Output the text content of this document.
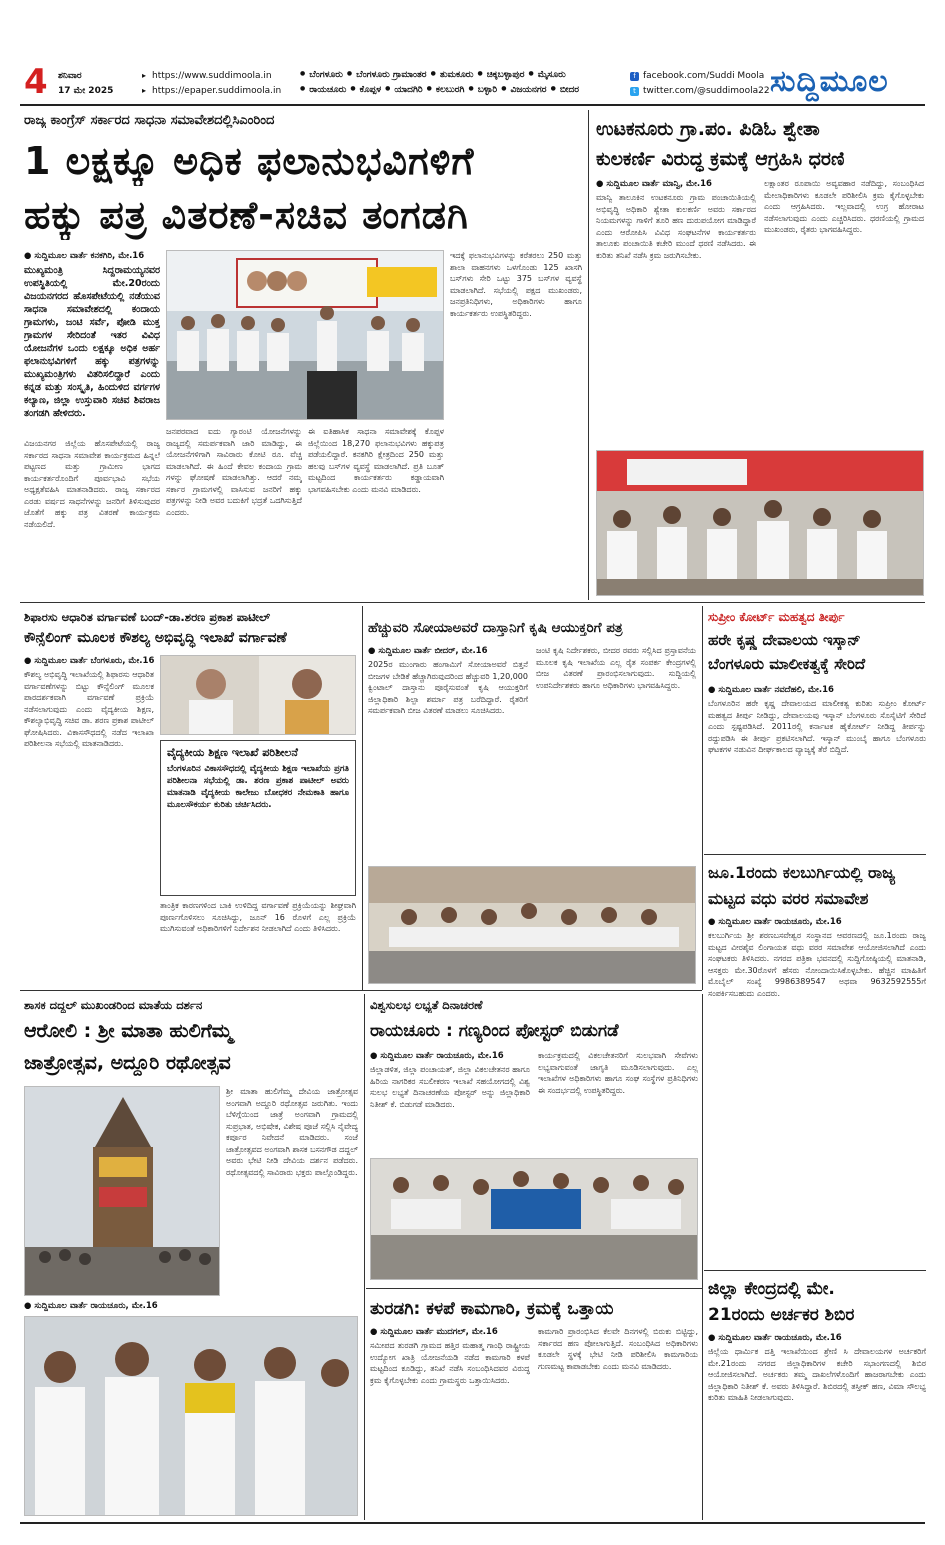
4 ಶನಿವಾರ
17 ಮೇ 2025
▸ https://www.suddimoola.in
▸ https://epaper.suddimoola.in
● ಬೆಂಗಳೂರು ● ಬೆಂಗಳೂರು ಗ್ರಾಮಾಂತರ ● ತುಮಕೂರು ● ಚಿಕ್ಕಬಳ್ಳಾಪುರ ● ಮೈಸೂರು
● ರಾಯಚೂರು ● ಕೊಪ್ಪಳ ● ಯಾದಗಿರಿ ● ಕಲಬುರಗಿ ● ಬಳ್ಳಾರಿ ● ವಿಜಯನಗರ ● ಬೀದರ
f facebook.com/Suddi Moola
t twitter.com/@suddimoola22 ಸುದ್ದಿಮೂಲ
ರಾಜ್ಯ ಕಾಂಗ್ರೆಸ್ ಸರ್ಕಾರದ ಸಾಧನಾ ಸಮಾವೇಶದಲ್ಲಿಸಿಎಂರಿಂದ
1 ಲಕ್ಷಕ್ಕೂ ಅಧಿಕ ಫಲಾನುಭವಿಗಳಿಗೆ
ಹಕ್ಕು ಪತ್ರ ವಿತರಣೆ-ಸಚಿವ ತಂಗಡಗಿ
● ಸುದ್ದಿಮೂಲ ವಾರ್ತೆ ಕನಕಗಿರಿ, ಮೇ.16
ಮುಖ್ಯಮಂತ್ರಿ ಸಿದ್ದರಾಮಯ್ಯನವರ ಉಪಸ್ಥಿತಿಯಲ್ಲಿ ಮೇ.20ರಂದು ವಿಜಯನಗರದ ಹೊಸಪೇಟೆಯಲ್ಲಿ ನಡೆಯುವ ಸಾಧನಾ ಸಮಾವೇಶದಲ್ಲಿ ಕಂದಾಯ ಗ್ರಾಮಗಳು, ಜಂಟಿ ಸರ್ವೆ, ಪೋಡಿ ಮುಕ್ತ ಗ್ರಾಮಗಳ ಸೇರಿದಂತೆ ಇತರ ವಿವಿಧ ಯೋಜನೆಗಳ ಒಂದು ಲಕ್ಷಕ್ಕೂ ಅಧಿಕ ಅರ್ಹ ಫಲಾನುಭವಿಗಳಿಗೆ ಹಕ್ಕು ಪತ್ರಗಳನ್ನು ಮುಖ್ಯಮಂತ್ರಿಗಳು ವಿತರಿಸಲಿದ್ದಾರೆ ಎಂದು ಕನ್ನಡ ಮತ್ತು ಸಂಸ್ಕೃತಿ, ಹಿಂದುಳಿದ ವರ್ಗಗಳ ಕಲ್ಯಾಣ, ಜಿಲ್ಲಾ ಉಸ್ತುವಾರಿ ಸಚಿವ ಶಿವರಾಜ ತಂಗಡಗಿ ಹೇಳಿದರು.
ವಿಜಯನಗರ ಜಿಲ್ಲೆಯ ಹೊಸಪೇಟೆಯಲ್ಲಿ ರಾಜ್ಯ ಸರ್ಕಾರದ ಸಾಧನಾ ಸಮಾವೇಶ ಕಾರ್ಯಕ್ರಮದ ಹಿನ್ನಲೆ ಪಟ್ಟಣದ ಮತ್ತು ಗ್ರಾಮೀಣ ಭಾಗದ ಕಾರ್ಯಕರ್ತರೊಂದಿಗೆ ಪೂರ್ವಭಾವಿ ಸಭೆಯ ಅಧ್ಯಕ್ಷತೆವಹಿಸಿ ಮಾತನಾಡಿದರು. ರಾಜ್ಯ ಸರ್ಕಾರದ ಎರಡು ವರ್ಷದ ಸಾಧನೆಗಳನ್ನು ಜನರಿಗೆ ತಿಳಿಸುವುದರ ಜೊತೆಗೆ ಹಕ್ಕು ಪತ್ರ ವಿತರಣೆ ಕಾರ್ಯಕ್ರಮ ನಡೆಯಲಿದೆ.
ಜನಪರವಾದ ಐದು ಗ್ಯಾರಂಟಿ ಯೋಜನೆಗಳನ್ನು ರಾಜ್ಯದಲ್ಲಿ ಸಮರ್ಪಕವಾಗಿ ಜಾರಿ ಮಾಡಿದ್ದು, ಈ ಯೋಜನೆಗಳಿಗಾಗಿ ಸಾವಿರಾರು ಕೋಟಿ ರೂ. ವೆಚ್ಚ ಮಾಡಲಾಗಿದೆ. ಈ ಹಿಂದೆ ಕೇವಲ ಕಂದಾಯ ಗ್ರಾಮ ಗಳನ್ನು ಘೋಷಣೆ ಮಾಡಲಾಗಿತ್ತು. ಆದರೆ ನಮ್ಮ ಸರ್ಕಾರ ಗ್ರಾಮಗಳಲ್ಲಿ ವಾಸಿಸುವ ಜನರಿಗೆ ಹಕ್ಕು ಪತ್ರಗಳನ್ನು ನೀಡಿ ಅವರ ಬದುಕಿಗೆ ಭದ್ರತೆ ಒದಗಿಸುತ್ತಿದೆ ಎಂದರು.
ಈ ಐತಿಹಾಸಿಕ ಸಾಧನಾ ಸಮಾವೇಶಕ್ಕೆ ಕೊಪ್ಪಳ ಜಿಲ್ಲೆಯಿಂದ 18,270 ಫಲಾನುಭವಿಗಳು ಹಕ್ಕುಪತ್ರ ಪಡೆಯಲಿದ್ದಾರೆ. ಕನಕಗಿರಿ ಕ್ಷೇತ್ರದಿಂದ 250 ಮತ್ತು ಹಲವು ಬಸ್‌ಗಳ ವ್ಯವಸ್ಥೆ ಮಾಡಲಾಗಿದೆ. ಪ್ರತಿ ಬೂತ್ ಮಟ್ಟದಿಂದ ಕಾರ್ಯಕರ್ತರು ಕಡ್ಡಾಯವಾಗಿ ಭಾಗವಹಿಸಬೇಕು ಎಂದು ಮನವಿ ಮಾಡಿದರು.
ಇದಕ್ಕೆ ಫಲಾನುಭವಿಗಳನ್ನು ಕರೆತರಲು 250 ಮತ್ತು ಶಾಲಾ ವಾಹನಗಳು ಒಳಗೊಂಡು 125 ಖಾಸಗಿ ಬಸ್‌ಗಳು ಸೇರಿ ಒಟ್ಟು 375 ಬಸ್‌ಗಳ ವ್ಯವಸ್ಥೆ ಮಾಡಲಾಗಿದೆ. ಸಭೆಯಲ್ಲಿ ಪಕ್ಷದ ಮುಖಂಡರು, ಜನಪ್ರತಿನಿಧಿಗಳು, ಅಧಿಕಾರಿಗಳು ಹಾಗೂ ಕಾರ್ಯಕರ್ತರು ಉಪಸ್ಥಿತರಿದ್ದರು.
ಉಟಕನೂರು ಗ್ರಾ.ಪಂ. ಪಿಡಿಓ ಶ್ವೇತಾ
ಕುಲಕರ್ಣಿ ವಿರುದ್ಧ ಕ್ರಮಕ್ಕೆ ಆಗ್ರಹಿಸಿ ಧರಣಿ
● ಸುದ್ದಿಮೂಲ ವಾರ್ತೆ ಮಾನ್ವಿ, ಮೇ.16
ಮಾನ್ವಿ ತಾಲೂಕಿನ ಉಟಕನೂರು ಗ್ರಾಮ ಪಂಚಾಯಿತಿಯಲ್ಲಿ ಅಭಿವೃದ್ಧಿ ಅಧಿಕಾರಿ ಶ್ವೇತಾ ಕುಲಕರ್ಣಿ ಅವರು ಸರ್ಕಾರದ ನಿಯಮಗಳನ್ನು ಗಾಳಿಗೆ ತೂರಿ ಹಣ ದುರುಪಯೋಗ ಮಾಡಿದ್ದಾರೆ ಎಂದು ಆರೋಪಿಸಿ ವಿವಿಧ ಸಂಘಟನೆಗಳ ಕಾರ್ಯಕರ್ತರು ತಾಲೂಕು ಪಂಚಾಯಿತಿ ಕಚೇರಿ ಮುಂದೆ ಧರಣಿ ನಡೆಸಿದರು. ಈ ಕುರಿತು ತನಿಖೆ ನಡೆಸಿ ಕ್ರಮ ಜರುಗಿಸಬೇಕು.
ಲಕ್ಷಾಂತರ ರೂಪಾಯಿ ಅವ್ಯವಹಾರ ನಡೆದಿದ್ದು, ಸಂಬಂಧಿಸಿದ ಮೇಲಾಧಿಕಾರಿಗಳು ಕೂಡಲೇ ಪರಿಶೀಲಿಸಿ ಕ್ರಮ ಕೈಗೊಳ್ಳಬೇಕು ಎಂದು ಆಗ್ರಹಿಸಿದರು. ಇಲ್ಲವಾದಲ್ಲಿ ಉಗ್ರ ಹೋರಾಟ ನಡೆಸಲಾಗುವುದು ಎಂದು ಎಚ್ಚರಿಸಿದರು. ಧರಣಿಯಲ್ಲಿ ಗ್ರಾಮದ ಮುಖಂಡರು, ರೈತರು ಭಾಗವಹಿಸಿದ್ದರು.
ಶಿಫಾರಸು ಆಧಾರಿತ ವರ್ಗಾವಣೆ ಬಂದ್-ಡಾ.ಶರಣ ಪ್ರಕಾಶ ಪಾಟೀಲ್
ಕೌನ್ಸೆಲಿಂಗ್ ಮೂಲಕ ಕೌಶಲ್ಯ ಅಭಿವೃದ್ಧಿ ಇಲಾಖೆ ವರ್ಗಾವಣೆ
● ಸುದ್ದಿಮೂಲ ವಾರ್ತೆ ಬೆಂಗಳೂರು, ಮೇ.16
ಕೌಶಲ್ಯ ಅಭಿವೃದ್ಧಿ ಇಲಾಖೆಯಲ್ಲಿ ಶಿಫಾರಸು ಆಧಾರಿತ ವರ್ಗಾವಣೆಗಳನ್ನು ಬಿಟ್ಟು ಕೌನ್ಸೆಲಿಂಗ್ ಮೂಲಕ ಪಾರದರ್ಶಕವಾಗಿ ವರ್ಗಾವಣೆ ಪ್ರಕ್ರಿಯೆ ನಡೆಸಲಾಗುವುದು ಎಂದು ವೈದ್ಯಕೀಯ ಶಿಕ್ಷಣ, ಕೌಶಲ್ಯಾಭಿವೃದ್ಧಿ ಸಚಿವ ಡಾ. ಶರಣ ಪ್ರಕಾಶ ಪಾಟೀಲ್ ಘೋಷಿಸಿದರು. ವಿಕಾಸಸೌಧದಲ್ಲಿ ನಡೆದ ಇಲಾಖಾ ಪರಿಶೀಲನಾ ಸಭೆಯಲ್ಲಿ ಮಾತನಾಡಿದರು.
ವೈದ್ಯಕೀಯ ಶಿಕ್ಷಣ ಇಲಾಖೆ ಪರಿಶೀಲನೆ
ಬೆಂಗಳೂರಿನ ವಿಕಾಸಸೌಧದಲ್ಲಿ ವೈದ್ಯಕೀಯ ಶಿಕ್ಷಣ ಇಲಾಖೆಯ ಪ್ರಗತಿ ಪರಿಶೀಲನಾ ಸಭೆಯಲ್ಲಿ ಡಾ. ಶರಣ ಪ್ರಕಾಶ ಪಾಟೀಲ್ ಅವರು ಮಾತನಾಡಿ ವೈದ್ಯಕೀಯ ಕಾಲೇಜು ಬೋಧಕರ ನೇಮಕಾತಿ ಹಾಗೂ ಮೂಲಸೌಕರ್ಯ ಕುರಿತು ಚರ್ಚಿಸಿದರು.
ತಾಂತ್ರಿಕ ಕಾರಣಗಳಿಂದ ಬಾಕಿ ಉಳಿದಿದ್ದ ವರ್ಗಾವಣೆ ಪ್ರಕ್ರಿಯೆಯನ್ನು ಶೀಘ್ರವಾಗಿ ಪೂರ್ಣಗೊಳಿಸಲು ಸೂಚಿಸಿದ್ದು, ಜೂನ್ 16 ರೊಳಗೆ ಎಲ್ಲ ಪ್ರಕ್ರಿಯೆ ಮುಗಿಸುವಂತೆ ಅಧಿಕಾರಿಗಳಿಗೆ ನಿರ್ದೇಶನ ನೀಡಲಾಗಿದೆ ಎಂದು ತಿಳಿಸಿದರು.
ಹೆಚ್ಚುವರಿ ಸೋಯಾಅವರೆ ದಾಸ್ತಾನಿಗೆ ಕೃಷಿ ಆಯುಕ್ತರಿಗೆ ಪತ್ರ
● ಸುದ್ದಿಮೂಲ ವಾರ್ತೆ ಬೀದರ್, ಮೇ.16
2025ರ ಮುಂಗಾರು ಹಂಗಾಮಿಗೆ ಸೋಯಾಅವರೆ ಬಿತ್ತನೆ ಬೀಜಗಳ ಬೇಡಿಕೆ ಹೆಚ್ಚಾಗಿರುವುದರಿಂದ ಹೆಚ್ಚುವರಿ 1,20,000 ಕ್ವಿಂಟಾಲ್ ದಾಸ್ತಾನು ಪೂರೈಸುವಂತೆ ಕೃಷಿ ಆಯುಕ್ತರಿಗೆ ಜಿಲ್ಲಾಧಿಕಾರಿ ಶಿಲ್ಪಾ ಶರ್ಮಾ ಪತ್ರ ಬರೆದಿದ್ದಾರೆ. ರೈತರಿಗೆ ಸಮರ್ಪಕವಾಗಿ ಬೀಜ ವಿತರಣೆ ಮಾಡಲು ಸೂಚಿಸಿದರು.
ಜಂಟಿ ಕೃಷಿ ನಿರ್ದೇಶಕರು, ಬೀದರ ರವರು ಸಲ್ಲಿಸಿದ ಪ್ರಸ್ತಾವನೆಯ ಮೂಲಕ ಕೃಷಿ ಇಲಾಖೆಯ ಎಲ್ಲ ರೈತ ಸಂಪರ್ಕ ಕೇಂದ್ರಗಳಲ್ಲಿ ಬೀಜ ವಿತರಣೆ ಪ್ರಾರಂಭಿಸಲಾಗುವುದು. ಸುದ್ದಿಯಲ್ಲಿ ಉಪನಿರ್ದೇಶಕರು ಹಾಗೂ ಅಧಿಕಾರಿಗಳು ಭಾಗವಹಿಸಿದ್ದರು.
ಸುಪ್ರೀಂ ಕೋರ್ಟ್ ಮಹತ್ವದ ತೀರ್ಪು
ಹರೇ ಕೃಷ್ಣ ದೇವಾಲಯ ಇಸ್ಕಾನ್
ಬೆಂಗಳೂರು ಮಾಲೀಕತ್ವಕ್ಕೆ ಸೇರಿದೆ
● ಸುದ್ದಿಮೂಲ ವಾರ್ತೆ ನವದೆಹಲಿ, ಮೇ.16
ಬೆಂಗಳೂರಿನ ಹರೇ ಕೃಷ್ಣ ದೇವಾಲಯದ ಮಾಲೀಕತ್ವ ಕುರಿತು ಸುಪ್ರೀಂ ಕೋರ್ಟ್ ಮಹತ್ವದ ತೀರ್ಪು ನೀಡಿದ್ದು, ದೇವಾಲಯವು ಇಸ್ಕಾನ್ ಬೆಂಗಳೂರು ಸೊಸೈಟಿಗೆ ಸೇರಿದೆ ಎಂದು ಸ್ಪಷ್ಟಪಡಿಸಿದೆ. 2011ರಲ್ಲಿ ಕರ್ನಾಟಕ ಹೈಕೋರ್ಟ್ ನೀಡಿದ್ದ ತೀರ್ಪನ್ನು ರದ್ದುಪಡಿಸಿ ಈ ತೀರ್ಪು ಪ್ರಕಟಿಸಲಾಗಿದೆ. ಇಸ್ಕಾನ್ ಮುಂಬೈ ಹಾಗೂ ಬೆಂಗಳೂರು ಘಟಕಗಳ ನಡುವಿನ ದೀರ್ಘಕಾಲದ ವ್ಯಾಜ್ಯಕ್ಕೆ ತೆರೆ ಬಿದ್ದಿದೆ.
ಜೂ.1ರಂದು ಕಲಬುರ್ಗಿಯಲ್ಲಿ ರಾಜ್ಯ
ಮಟ್ಟದ ವಧು ವರರ ಸಮಾವೇಶ
● ಸುದ್ದಿಮೂಲ ವಾರ್ತೆ ರಾಯಚೂರು, ಮೇ.16
ಕಲಬುರ್ಗಿಯ ಶ್ರೀ ಶರಣಬಸವೇಶ್ವರ ಸಂಸ್ಥಾನದ ಆವರಣದಲ್ಲಿ ಜೂ.1ರಂದು ರಾಜ್ಯ ಮಟ್ಟದ ವೀರಶೈವ ಲಿಂಗಾಯತ ವಧು ವರರ ಸಮಾವೇಶ ಆಯೋಜಿಸಲಾಗಿದೆ ಎಂದು ಸಂಘಟಕರು ತಿಳಿಸಿದರು. ನಗರದ ಪತ್ರಿಕಾ ಭವನದಲ್ಲಿ ಸುದ್ದಿಗೋಷ್ಠಿಯಲ್ಲಿ ಮಾತನಾಡಿ, ಆಸಕ್ತರು ಮೇ.30ರೊಳಗೆ ಹೆಸರು ನೋಂದಾಯಿಸಿಕೊಳ್ಳಬೇಕು. ಹೆಚ್ಚಿನ ಮಾಹಿತಿಗೆ ಮೊಬೈಲ್ ಸಂಖ್ಯೆ 9986389547 ಅಥವಾ 9632592555ಗೆ ಸಂಪರ್ಕಿಸಬಹುದು ಎಂದರು.
ಶಾಸಕ ದದ್ದಲ್ ಮುಖಂಡರಿಂದ ಮಾತೆಯ ದರ್ಶನ
ಆರೋಲಿ : ಶ್ರೀ ಮಾತಾ ಹುಲಿಗೆಮ್ಮ
ಜಾತ್ರೋತ್ಸವ, ಅದ್ದೂರಿ ರಥೋತ್ಸವ
ಶ್ರೀ ಮಾತಾ ಹುಲಿಗೆಮ್ಮ ದೇವಿಯ ಜಾತ್ರೋತ್ಸವ ಅಂಗವಾಗಿ ಅದ್ದೂರಿ ರಥೋತ್ಸವ ಜರುಗಿತು. ಇಂದು ಬೆಳಿಗ್ಗೆಯಿಂದ ಜಾತ್ರೆ ಅಂಗವಾಗಿ ಗ್ರಾಮದಲ್ಲಿ ಸುಪ್ರಭಾತ, ಅಭಿಷೇಕ, ವಿಶೇಷ ಪೂಜೆ ಸಲ್ಲಿಸಿ ನೈವೇದ್ಯ ಕರ್ಪೂರ ನಿವೇದನೆ ಮಾಡಿದರು. ಸಂಜೆ ಜಾತ್ರೋತ್ಸವದ ಅಂಗವಾಗಿ ಶಾಸಕ ಬಸನಗೌಡ ದದ್ದಲ್ ಅವರು ಭೇಟಿ ನೀಡಿ ದೇವಿಯ ದರ್ಶನ ಪಡೆದರು. ರಥೋತ್ಸವದಲ್ಲಿ ಸಾವಿರಾರು ಭಕ್ತರು ಪಾಲ್ಗೊಂಡಿದ್ದರು.
● ಸುದ್ದಿಮೂಲ ವಾರ್ತೆ ರಾಯಚೂರು, ಮೇ.16
ವಿಶ್ವಸುಲಭ ಲಭ್ಯತೆ ದಿನಾಚರಣೆ
ರಾಯಚೂರು : ಗಣ್ಯರಿಂದ ಪೋಸ್ಟರ್ ಬಿಡುಗಡೆ
● ಸುದ್ದಿಮೂಲ ವಾರ್ತೆ ರಾಯಚೂರು, ಮೇ.16
ಜಿಲ್ಲಾಡಳಿತ, ಜಿಲ್ಲಾ ಪಂಚಾಯತ್, ಜಿಲ್ಲಾ ವಿಕಲಚೇತನರ ಹಾಗೂ ಹಿರಿಯ ನಾಗರಿಕರ ಸಬಲೀಕರಣ ಇಲಾಖೆ ಸಹಯೋಗದಲ್ಲಿ ವಿಶ್ವ ಸುಲಭ ಲಭ್ಯತೆ ದಿನಾಚರಣೆಯ ಪೋಸ್ಟರ್ ಅನ್ನು ಜಿಲ್ಲಾಧಿಕಾರಿ ನಿತೀಶ್ ಕೆ. ಬಿಡುಗಡೆ ಮಾಡಿದರು.
ಕಾರ್ಯಕ್ರಮದಲ್ಲಿ ವಿಕಲಚೇತನರಿಗೆ ಸುಲಭವಾಗಿ ಸೇವೆಗಳು ಲಭ್ಯವಾಗುವಂತೆ ಜಾಗೃತಿ ಮೂಡಿಸಲಾಗುವುದು. ಎಲ್ಲ ಇಲಾಖೆಗಳ ಅಧಿಕಾರಿಗಳು ಹಾಗೂ ಸಂಘ ಸಂಸ್ಥೆಗಳ ಪ್ರತಿನಿಧಿಗಳು ಈ ಸಂದರ್ಭದಲ್ಲಿ ಉಪಸ್ಥಿತರಿದ್ದರು.
ತುರಡಗಿ: ಕಳಪೆ ಕಾಮಗಾರಿ, ಕ್ರಮಕ್ಕೆ ಒತ್ತಾಯ
● ಸುದ್ದಿಮೂಲ ವಾರ್ತೆ ಮುದಗಲ್, ಮೇ.16
ಸಮೀಪದ ತುರಡಗಿ ಗ್ರಾಮದ ಹತ್ತಿರ ಮಹಾತ್ಮ ಗಾಂಧಿ ರಾಷ್ಟ್ರೀಯ ಉದ್ಯೋಗ ಖಾತ್ರಿ ಯೋಜನೆಯಡಿ ನಡೆದ ಕಾಮಗಾರಿ ಕಳಪೆ ಮಟ್ಟದಿಂದ ಕೂಡಿದ್ದು, ತನಿಖೆ ನಡೆಸಿ ಸಂಬಂಧಿಸಿದವರ ವಿರುದ್ಧ ಕ್ರಮ ಕೈಗೊಳ್ಳಬೇಕು ಎಂದು ಗ್ರಾಮಸ್ಥರು ಒತ್ತಾಯಿಸಿದರು.
ಕಾಮಗಾರಿ ಪ್ರಾರಂಭಿಸಿದ ಕೆಲವೇ ದಿನಗಳಲ್ಲಿ ಬಿರುಕು ಬಿಟ್ಟಿದ್ದು, ಸರ್ಕಾರದ ಹಣ ಪೋಲಾಗುತ್ತಿದೆ. ಸಂಬಂಧಿಸಿದ ಅಧಿಕಾರಿಗಳು ಕೂಡಲೇ ಸ್ಥಳಕ್ಕೆ ಭೇಟಿ ನೀಡಿ ಪರಿಶೀಲಿಸಿ ಕಾಮಗಾರಿಯ ಗುಣಮಟ್ಟ ಕಾಪಾಡಬೇಕು ಎಂದು ಮನವಿ ಮಾಡಿದರು.
ಜಿಲ್ಲಾ ಕೇಂದ್ರದಲ್ಲಿ ಮೇ.
21ರಂದು ಅರ್ಚಕರ ಶಿಬಿರ
● ಸುದ್ದಿಮೂಲ ವಾರ್ತೆ ರಾಯಚೂರು, ಮೇ.16
ಜಿಲ್ಲೆಯ ಧಾರ್ಮಿಕ ದತ್ತಿ ಇಲಾಖೆಯಿಂದ ಶ್ರೇಣಿ ಸಿ ದೇವಾಲಯಗಳ ಅರ್ಚಕರಿಗೆ ಮೇ.21ರಂದು ನಗರದ ಜಿಲ್ಲಾಧಿಕಾರಿಗಳ ಕಚೇರಿ ಸಭಾಂಗಣದಲ್ಲಿ ಶಿಬಿರ ಆಯೋಜಿಸಲಾಗಿದೆ. ಅರ್ಚಕರು ತಮ್ಮ ದಾಖಲೆಗಳೊಂದಿಗೆ ಹಾಜರಾಗಬೇಕು ಎಂದು ಜಿಲ್ಲಾಧಿಕಾರಿ ನಿತೀಶ್ ಕೆ. ಅವರು ತಿಳಿಸಿದ್ದಾರೆ. ಶಿಬಿರದಲ್ಲಿ ತಸ್ತೀಕ್ ಹಣ, ವಿಮಾ ಸೌಲಭ್ಯ ಕುರಿತು ಮಾಹಿತಿ ನೀಡಲಾಗುವುದು.
